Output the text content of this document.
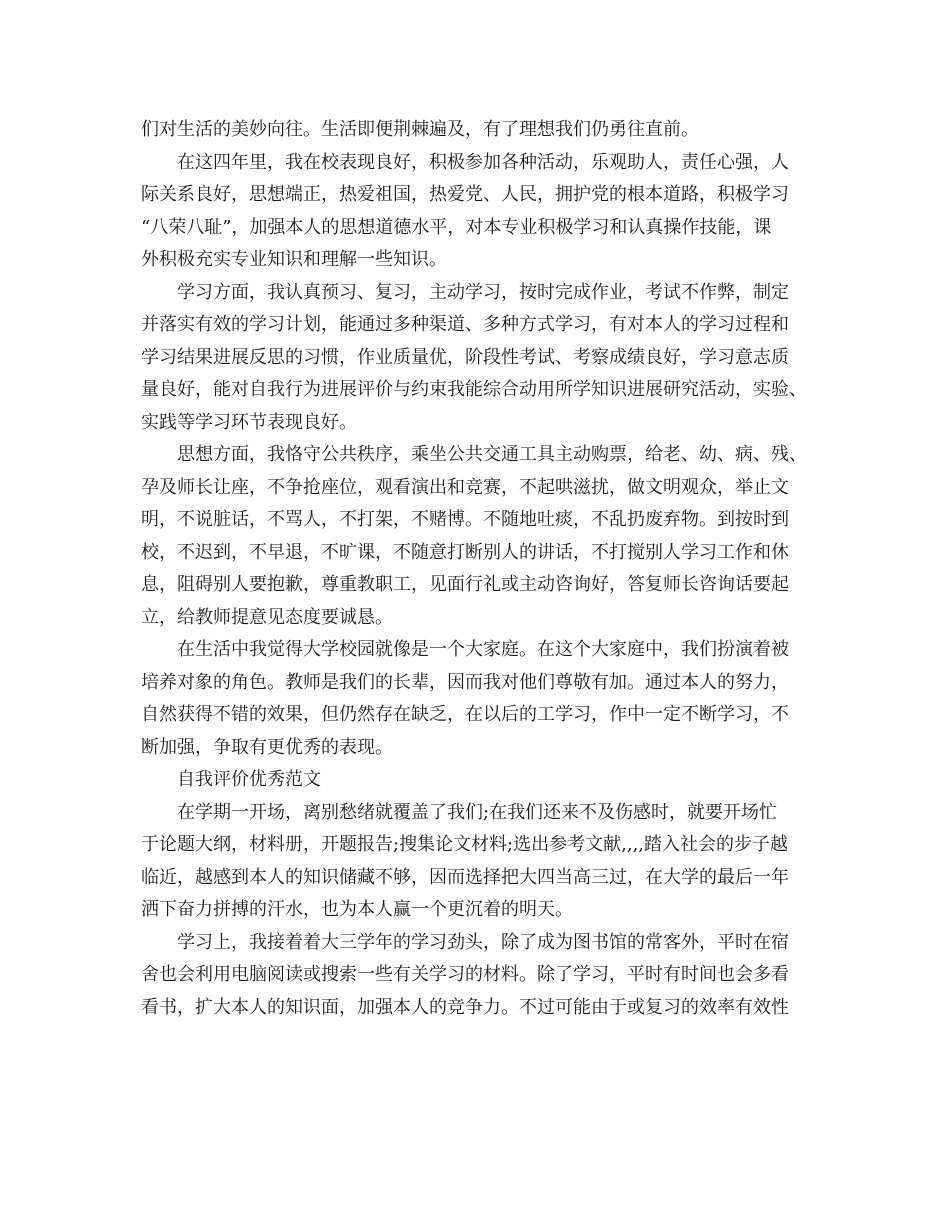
们对生活的美妙向往。生活即便荆棘遍及，有了理想我们仍勇往直前。
在这四年里，我在校表现良好，积极参加各种活动，乐观助人，责任心强，人
际关系良好，思想端正，热爱祖国，热爱党、人民，拥护党的根本道路，积极学习
“八荣八耻”，加强本人的思想道德水平，对本专业积极学习和认真操作技能，课
外积极充实专业知识和理解一些知识。
学习方面，我认真预习、复习，主动学习，按时完成作业，考试不作弊，制定
并落实有效的学习计划，能通过多种渠道、多种方式学习，有对本人的学习过程和
学习结果进展反思的习惯，作业质量优，阶段性考试、考察成绩良好，学习意志质
量良好，能对自我行为进展评价与约束我能综合动用所学知识进展研究活动，实验、
实践等学习环节表现良好。
思想方面，我恪守公共秩序，乘坐公共交通工具主动购票，给老、幼、病、残、
孕及师长让座，不争抢座位，观看演出和竞赛，不起哄滋扰，做文明观众，举止文
明，不说脏话，不骂人，不打架，不赌博。不随地吐痰，不乱扔废弃物。到按时到
校，不迟到，不早退，不旷课，不随意打断别人的讲话，不打搅别人学习工作和休
息，阻碍别人要抱歉，尊重教职工，见面行礼或主动咨询好，答复师长咨询话要起
立，给教师提意见态度要诚恳。
在生活中我觉得大学校园就像是一个大家庭。在这个大家庭中，我们扮演着被
培养对象的角色。教师是我们的长辈，因而我对他们尊敬有加。通过本人的努力，
自然获得不错的效果，但仍然存在缺乏，在以后的工学习，作中一定不断学习，不
断加强，争取有更优秀的表现。
自我评价优秀范文
在学期一开场，离别愁绪就覆盖了我们;在我们还来不及伤感时，就要开场忙
于论题大纲，材料册，开题报告;搜集论文材料;选出参考文献,,,,踏入社会的步子越
临近，越感到本人的知识储藏不够，因而选择把大四当高三过，在大学的最后一年
洒下奋力拼搏的汗水，也为本人赢一个更沉着的明天。
学习上，我接着着大三学年的学习劲头，除了成为图书馆的常客外，平时在宿
舍也会利用电脑阅读或搜索一些有关学习的材料。除了学习，平时有时间也会多看
看书，扩大本人的知识面，加强本人的竞争力。不过可能由于或复习的效率有效性
